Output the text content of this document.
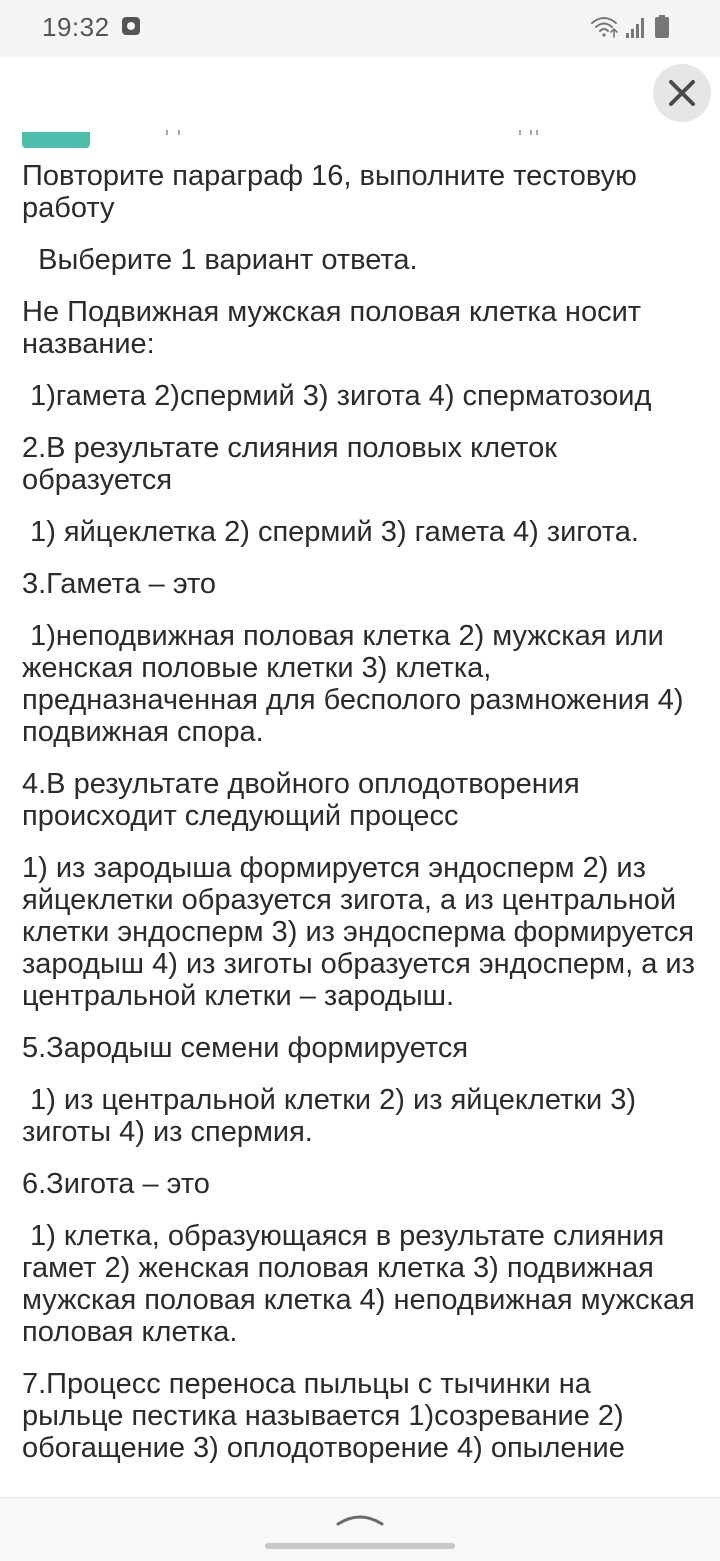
19:32

Повторите параграф 16, выполните тестовую работу

Выберите 1 вариант ответа.

Не Подвижная мужская половая клетка носит название:

1)гамета 2)спермий 3) зигота 4) сперматозоид

2.В результате слияния половых клеток образуется

1) яйцеклетка 2) спермий 3) гамета 4) зигота.

3.Гамета – это

1)неподвижная половая клетка 2) мужская или женская половые клетки 3) клетка, предназначенная для бесполого размножения 4) подвижная спора.

4.В результате двойного оплодотворения происходит следующий процесс

1) из зародыша формируется эндосперм 2) из яйцеклетки образуется зигота, а из центральной клетки эндосперм 3) из эндосперма формируется зародыш 4) из зиготы образуется эндосперм, а из центральной клетки – зародыш.

5.Зародыш семени формируется

1) из центральной клетки 2) из яйцеклетки 3) зиготы 4) из спермия.

6.Зигота – это

1) клетка, образующаяся в результате слияния гамет 2) женская половая клетка 3) подвижная мужская половая клетка 4) неподвижная мужская половая клетка.

7.Процесс переноса пыльцы с тычинки на рыльце пестика называется 1)созревание 2) обогащение 3) оплодотворение 4) опыление
